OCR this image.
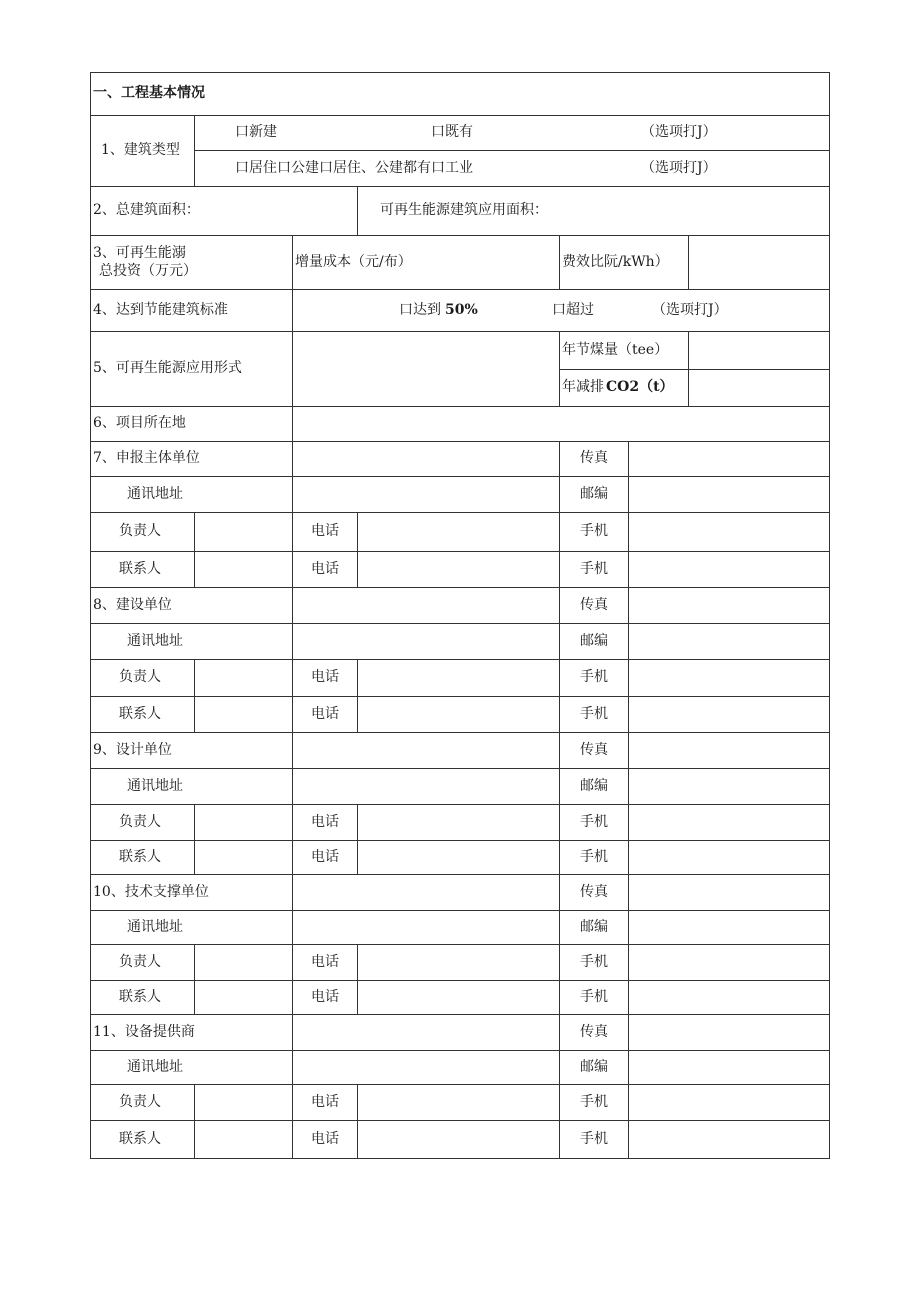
一、工程基本情况						
1、建筑类型	口新建 口既有 （选项打J）					
	口居住口公建口居住、公建都有口工业 （选项打J）					
2、总建筑面积：			可再生能源建筑应用面积：			

3、可再生能溺
总投资（万元）		增量成本（元/布）		费效比阮/kWh）		
4、达到节能建筑标准		口达到 50% 口超过 （选项打J）				
5、可再生能源应用形式				年节煤量（tee）		
				年减排 CO2（t）		
6、项目所在地						
7、申报主体单位				传真		
通讯地址				邮编		
负责人		电话		手机		
联系人		电话		手机		
8、建设单位				传真		
通讯地址				邮编		
负责人		电话		手机		
联系人		电话		手机		
9、设计单位				传真		
通讯地址				邮编		
负责人		电话		手机		
联系人		电话		手机		
10、技术支撑单位				传真		
通讯地址				邮编		
负责人		电话		手机		
联系人		电话		手机		
11、设备提供商				传真		
通讯地址				邮编		
负责人		电话		手机		
联系人		电话		手机		
